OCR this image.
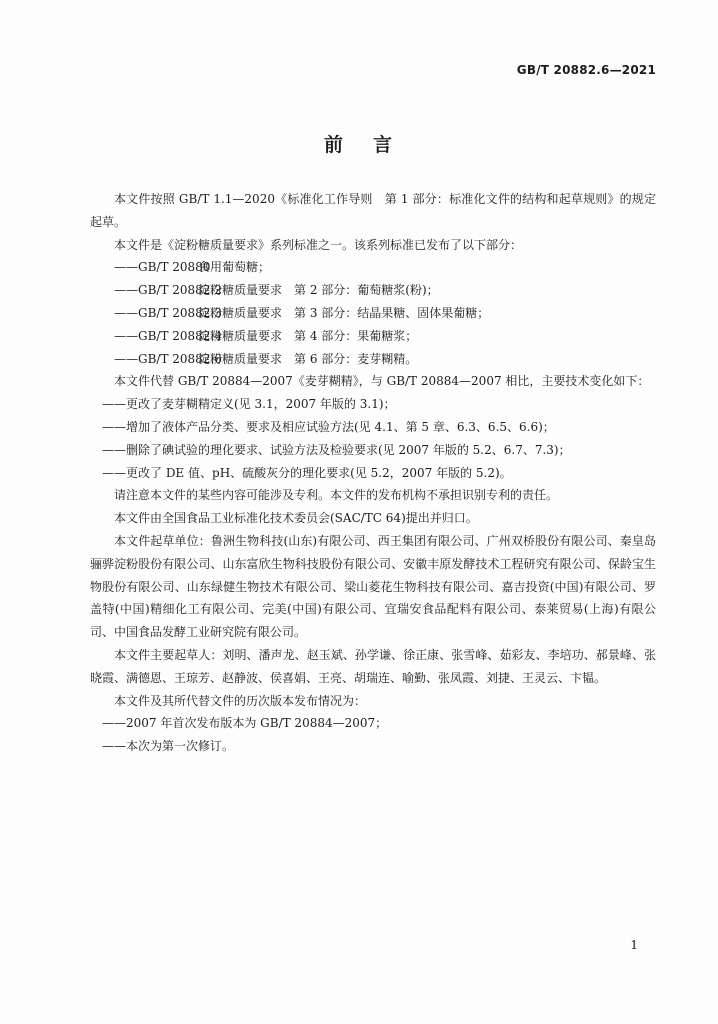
GB/T 20882.6—2021
前 言

本文件按照 GB/T 1.1—2020《标准化工作导则　第 1 部分：标准化文件的结构和起草规则》的规定起草。

本文件是《淀粉糖质量要求》系列标准之一。该系列标准已发布了以下部分：

——GB/T 20880食用葡萄糖；

——GB/T 20882.2淀粉糖质量要求　第 2 部分：葡萄糖浆(粉)；

——GB/T 20882.3淀粉糖质量要求　第 3 部分：结晶果糖、固体果葡糖；

——GB/T 20882.4淀粉糖质量要求　第 4 部分：果葡糖浆；

——GB/T 20882.6淀粉糖质量要求　第 6 部分：麦芽糊精。

本文件代替 GB/T 20884—2007《麦芽糊精》，与 GB/T 20884—2007 相比，主要技术变化如下：

——更改了麦芽糊精定义(见 3.1，2007 年版的 3.1)；

——增加了液体产品分类、要求及相应试验方法(见 4.1、第 5 章、6.3、6.5、6.6)；

——删除了碘试验的理化要求、试验方法及检验要求(见 2007 年版的 5.2、6.7、7.3)；

——更改了 DE 值、pH、硫酸灰分的理化要求(见 5.2，2007 年版的 5.2)。

请注意本文件的某些内容可能涉及专利。本文件的发布机构不承担识别专利的责任。

本文件由全国食品工业标准化技术委员会(SAC/TC 64)提出并归口。

本文件起草单位：鲁洲生物科技(山东)有限公司、西王集团有限公司、广州双桥股份有限公司、秦皇岛骊骅淀粉股份有限公司、山东富欣生物科技股份有限公司、安徽丰原发酵技术工程研究有限公司、保龄宝生物股份有限公司、山东绿健生物技术有限公司、梁山菱花生物科技有限公司、嘉吉投资(中国)有限公司、罗盖特(中国)精细化工有限公司、完美(中国)有限公司、宜瑞安食品配料有限公司、泰莱贸易(上海)有限公司、中国食品发酵工业研究院有限公司。

本文件主要起草人：刘明、潘声龙、赵玉斌、孙学谦、徐正康、张雪峰、茹彩友、李培功、郝景峰、张晓霞、满德恩、王琼芳、赵静波、侯喜娟、王亮、胡瑞连、喻勤、张凤霞、刘捷、王灵云、卞韫。

本文件及其所代替文件的历次版本发布情况为：

——2007 年首次发布版本为 GB/T 20884—2007；

——本次为第一次修订。

1
